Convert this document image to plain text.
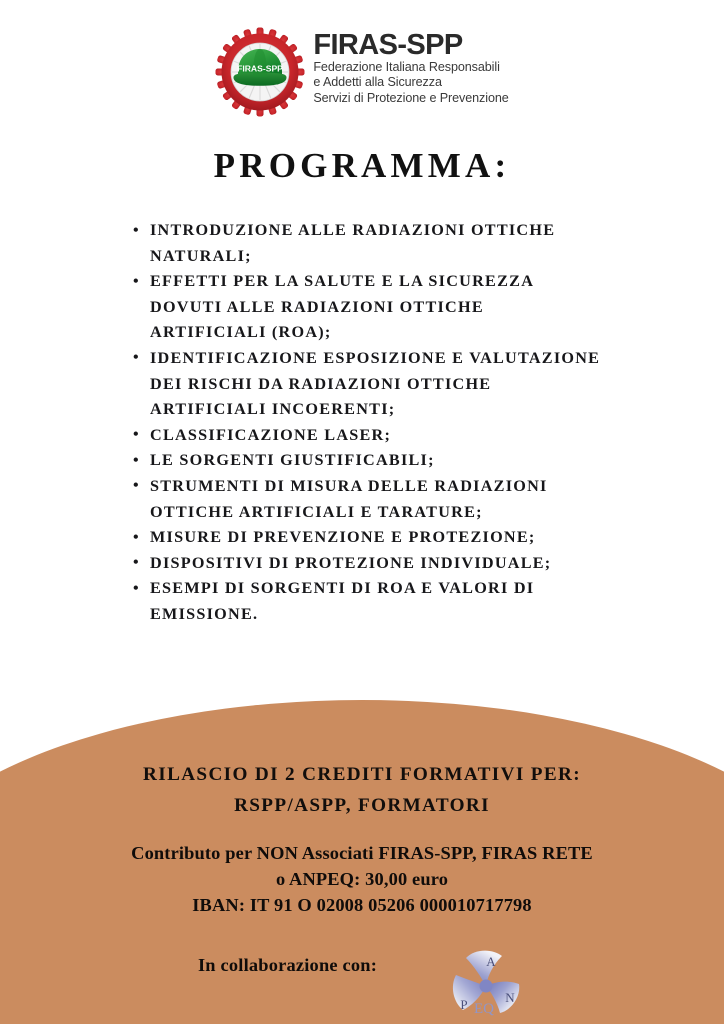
FIRAS-SPP
FIRAS-SPP
Federazione Italiana Responsabili
e Addetti alla Sicurezza
Servizi di Protezione e Prevenzione
PROGRAMMA:
• INTRODUZIONE ALLE RADIAZIONI OTTICHE NATURALI;
• EFFETTI PER LA SALUTE E LA SICUREZZA DOVUTI ALLE RADIAZIONI OTTICHE ARTIFICIALI (ROA);
• IDENTIFICAZIONE ESPOSIZIONE E VALUTAZIONE DEI RISCHI DA RADIAZIONI OTTICHE ARTIFICIALI INCOERENTI;
• CLASSIFICAZIONE LASER;
• LE SORGENTI GIUSTIFICABILI;
• STRUMENTI DI MISURA DELLE RADIAZIONI OTTICHE ARTIFICIALI E TARATURE;
• MISURE DI PREVENZIONE E PROTEZIONE;
• DISPOSITIVI DI PROTEZIONE INDIVIDUALE;
• ESEMPI DI SORGENTI DI ROA E VALORI DI EMISSIONE.
RILASCIO DI 2 CREDITI FORMATIVI PER:
RSPP/ASPP, FORMATORI
Contributo per NON Associati FIRAS-SPP, FIRAS RETE
o ANPEQ: 30,00 euro
IBAN: IT 91 O 02008 05206 000010717798
In collaborazione con:	A
N
P EQ
